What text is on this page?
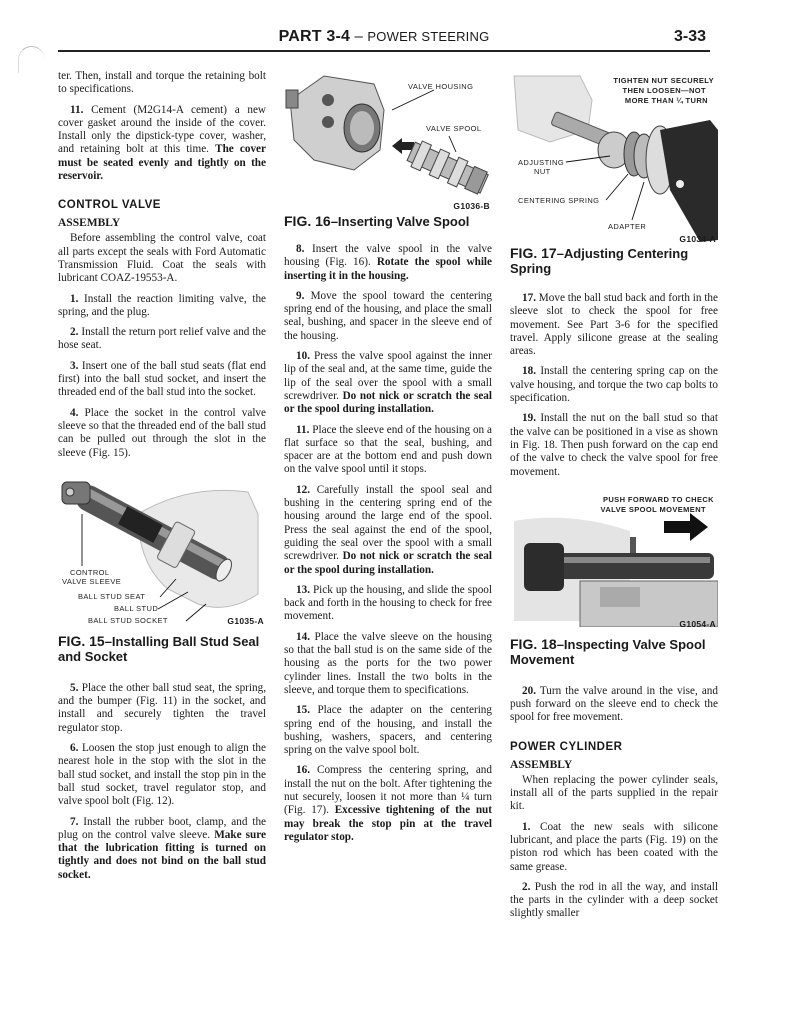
PART 3-4 – POWER STEERING	3-33

ter. Then, install and torque the retaining bolt to specifications.

11. Cement (M2G14-A cement) a new cover gasket around the inside of the cover. Install only the dipstick-type cover, washer, and retaining bolt at this time. The cover must be seated evenly and tightly on the reservoir.

CONTROL VALVE
ASSEMBLY

Before assembling the control valve, coat all parts except the seals with Ford Automatic Transmission Fluid. Coat the seals with lubricant COAZ-19553-A.

1. Install the reaction limiting valve, the spring, and the plug.

2. Install the return port relief valve and the hose seat.

3. Insert one of the ball stud seats (flat end first) into the ball stud socket, and insert the threaded end of the ball stud into the socket.

4. Place the socket in the control valve sleeve so that the threaded end of the ball stud can be pulled out through the slot in the sleeve (Fig. 15).

CONTROL
VALVE SLEEVE
BALL STUD SEAT
BALL STUD
BALL STUD SOCKET	G1035-A
FIG. 15–Installing Ball Stud Seal and Socket

5. Place the other ball stud seat, the spring, and the bumper (Fig. 11) in the socket, and install and securely tighten the travel regulator stop.

6. Loosen the stop just enough to align the nearest hole in the stop with the slot in the ball stud socket, and install the stop pin in the ball stud socket, travel regulator stop, and valve spool bolt (Fig. 12).

7. Install the rubber boot, clamp, and the plug on the control valve sleeve. Make sure that the lubrication fitting is turned on tightly and does not bind on the ball stud socket.

VALVE HOUSING
VALVE SPOOL
G1036-B
FIG. 16–Inserting Valve Spool

8. Insert the valve spool in the valve housing (Fig. 16). Rotate the spool while inserting it in the housing.

9. Move the spool toward the centering spring end of the housing, and place the small seal, bushing, and spacer in the sleeve end of the housing.

10. Press the valve spool against the inner lip of the seal and, at the same time, guide the lip of the seal over the spool with a small screwdriver. Do not nick or scratch the seal or the spool during installation.

11. Place the sleeve end of the housing on a flat surface so that the seal, bushing, and spacer are at the bottom end and push down on the valve spool until it stops.

12. Carefully install the spool seal and bushing in the centering spring end of the housing around the large end of the spool. Press the seal against the end of the spool, guiding the seal over the spool with a small screwdriver. Do not nick or scratch the seal or the spool during installation.

13. Pick up the housing, and slide the spool back and forth in the housing to check for free movement.

14. Place the valve sleeve on the housing so that the ball stud is on the same side of the housing as the ports for the two power cylinder lines. Install the two bolts in the sleeve, and torque them to specifications.

15. Place the adapter on the centering spring end of the housing, and install the bushing, washers, spacers, and centering spring on the valve spool bolt.

16. Compress the centering spring, and install the nut on the bolt. After tightening the nut securely, loosen it not more than ¼ turn (Fig. 17). Excessive tightening of the nut may break the stop pin at the travel regulator stop.

TIGHTEN NUT SECURELY
THEN LOOSEN—NOT
MORE THAN ¼ TURN
ADJUSTING
NUT
CENTERING SPRING
ADAPTER
G1034-A
FIG. 17–Adjusting Centering Spring

17. Move the ball stud back and forth in the sleeve slot to check the spool for free movement. See Part 3-6 for the specified travel. Apply silicone grease at the sealing areas.

18. Install the centering spring cap on the valve housing, and torque the two cap bolts to specification.

19. Install the nut on the ball stud so that the valve can be positioned in a vise as shown in Fig. 18. Then push forward on the cap end of the valve to check the valve spool for free movement.

PUSH FORWARD TO CHECK
VALVE SPOOL MOVEMENT
G1054-A
FIG. 18–Inspecting Valve Spool Movement

20. Turn the valve around in the vise, and push forward on the sleeve end to check the spool for free movement.

POWER CYLINDER
ASSEMBLY

When replacing the power cylinder seals, install all of the parts supplied in the repair kit.

1. Coat the new seals with silicone lubricant, and place the parts (Fig. 19) on the piston rod which has been coated with the same grease.

2. Push the rod in all the way, and install the parts in the cylinder with a deep socket slightly smaller
